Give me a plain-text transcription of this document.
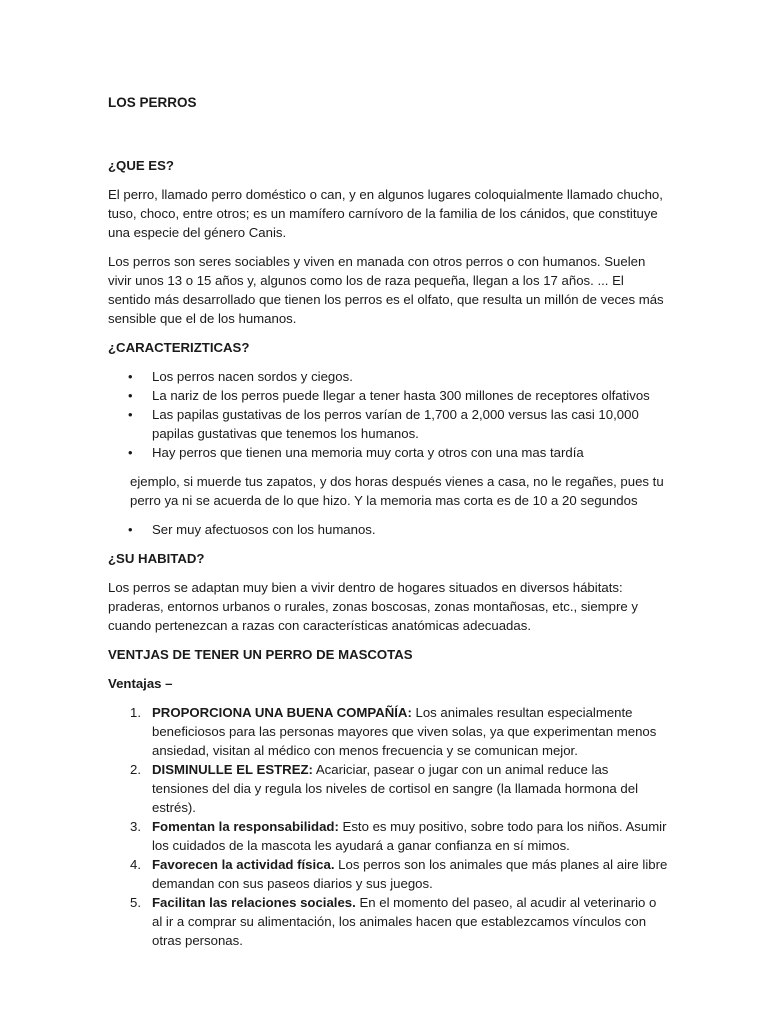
LOS PERROS
¿QUE ES?

El perro, llamado perro doméstico o can, y en algunos lugares coloquialmente llamado chucho, tuso, choco, entre otros; es un mamífero carnívoro de la familia de los cánidos, que constituye una especie del género Canis.

Los perros son seres sociables y viven en manada con otros perros o con humanos. Suelen vivir unos 13 o 15 años y, algunos como los de raza pequeña, llegan a los 17 años. ... El sentido más desarrollado que tienen los perros es el olfato, que resulta un millón de veces más sensible que el de los humanos.

¿CARACTERIZTICAS?
• Los perros nacen sordos y ciegos.
• La nariz de los perros puede llegar a tener hasta 300 millones de receptores olfativos
• Las papilas gustativas de los perros varían de 1,700 a 2,000 versus las casi 10,000 papilas gustativas que tenemos los humanos.
• Hay perros que tienen una memoria muy corta y otros con una mas tardía

ejemplo, si muerde tus zapatos, y dos horas después vienes a casa, no le regañes, pues tu perro ya ni se acuerda de lo que hizo. Y la memoria mas corta es de 10 a 20 segundos

• Ser muy afectuosos con los humanos.
¿SU HABITAD?

Los perros se adaptan muy bien a vivir dentro de hogares situados en diversos hábitats: praderas, entornos urbanos o rurales, zonas boscosas, zonas montañosas, etc., siempre y cuando pertenezcan a razas con características anatómicas adecuadas.

VENTJAS DE TENER UN PERRO DE MASCOTAS
Ventajas –
1. PROPORCIONA UNA BUENA COMPAÑÍA: Los animales resultan especialmente beneficiosos para las personas mayores que viven solas, ya que experimentan menos ansiedad, visitan al médico con menos frecuencia y se comunican mejor.
2. DISMINULLE EL ESTREZ: Acariciar, pasear o jugar con un animal reduce las tensiones del dia y regula los niveles de cortisol en sangre (la llamada hormona del estrés).
3. Fomentan la responsabilidad: Esto es muy positivo, sobre todo para los niños. Asumir los cuidados de la mascota les ayudará a ganar confianza en sí mimos.
4. Favorecen la actividad física. Los perros son los animales que más planes al aire libre demandan con sus paseos diarios y sus juegos.
5. Facilitan las relaciones sociales. En el momento del paseo, al acudir al veterinario o al ir a comprar su alimentación, los animales hacen que establezcamos vínculos con otras personas.
